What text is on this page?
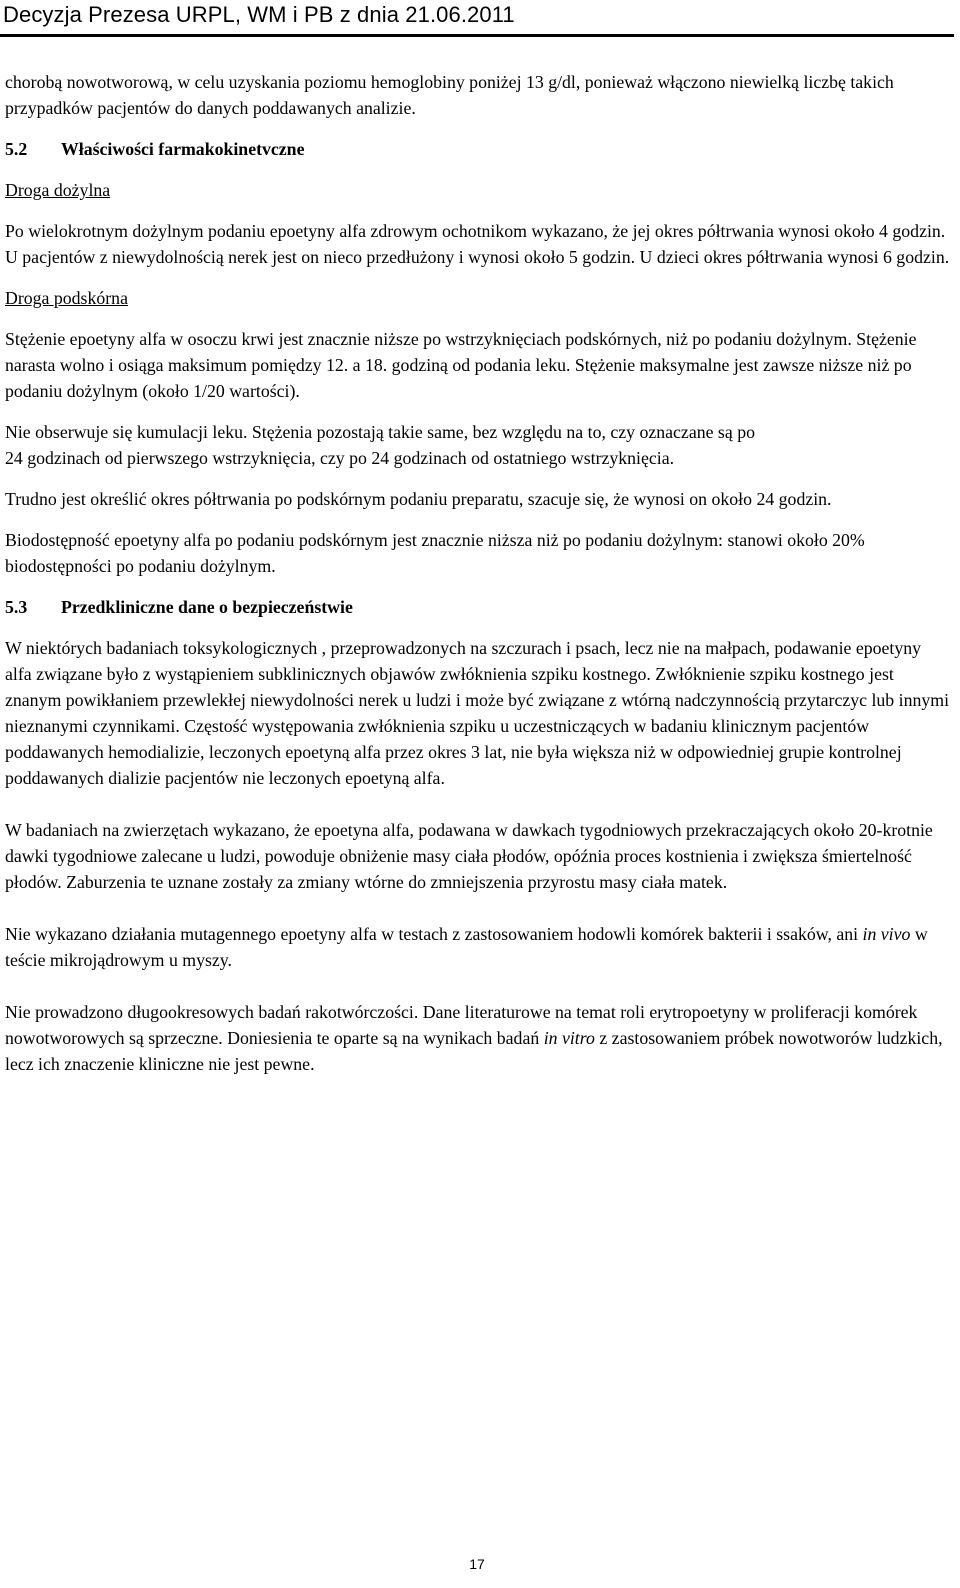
Decyzja Prezesa URPL, WM i PB z dnia 21.06.2011

chorobą nowotworową, w celu uzyskania poziomu hemoglobiny poniżej 13 g/dl, ponieważ włączono niewielką liczbę takich przypadków pacjentów do danych poddawanych analizie.

5.2 Właściwości farmakokinetvczne
Droga dożylna

Po wielokrotnym dożylnym podaniu epoetyny alfa zdrowym ochotnikom wykazano, że jej okres półtrwania wynosi około 4 godzin. U pacjentów z niewydolnością nerek jest on nieco przedłużony i wynosi około 5 godzin. U dzieci okres półtrwania wynosi 6 godzin.

Droga podskórna

Stężenie epoetyny alfa w osoczu krwi jest znacznie niższe po wstrzyknięciach podskórnych, niż po podaniu dożylnym. Stężenie narasta wolno i osiąga maksimum pomiędzy 12. a 18. godziną od podania leku. Stężenie maksymalne jest zawsze niższe niż po podaniu dożylnym (około 1/20 wartości).

Nie obserwuje się kumulacji leku. Stężenia pozostają takie same, bez względu na to, czy oznaczane są po
24 godzinach od pierwszego wstrzyknięcia, czy po 24 godzinach od ostatniego wstrzyknięcia.

Trudno jest określić okres półtrwania po podskórnym podaniu preparatu, szacuje się, że wynosi on około 24 godzin.

Biodostępność epoetyny alfa po podaniu podskórnym jest znacznie niższa niż po podaniu dożylnym: stanowi około 20% biodostępności po podaniu dożylnym.

5.3 Przedkliniczne dane o bezpieczeństwie

W niektórych badaniach toksykologicznych , przeprowadzonych na szczurach i psach, lecz nie na małpach, podawanie epoetyny alfa związane było z wystąpieniem subklinicznych objawów zwłóknienia szpiku kostnego. Zwłóknienie szpiku kostnego jest znanym powikłaniem przewlekłej niewydolności nerek u ludzi i może być związane z wtórną nadczynnością przytarczyc lub innymi nieznanymi czynnikami. Częstość występowania zwłóknienia szpiku u uczestniczących w badaniu klinicznym pacjentów poddawanych hemodializie, leczonych epoetyną alfa przez okres 3 lat, nie była większa niż w odpowiedniej grupie kontrolnej poddawanych dializie pacjentów nie leczonych epoetyną alfa.

W badaniach na zwierzętach wykazano, że epoetyna alfa, podawana w dawkach tygodniowych przekraczających około 20-krotnie dawki tygodniowe zalecane u ludzi, powoduje obniżenie masy ciała płodów, opóźnia proces kostnienia i zwiększa śmiertelność płodów. Zaburzenia te uznane zostały za zmiany wtórne do zmniejszenia przyrostu masy ciała matek.

Nie wykazano działania mutagennego epoetyny alfa w testach z zastosowaniem hodowli komórek bakterii i ssaków, ani in vivo w teście mikrojądrowym u myszy.

Nie prowadzono długookresowych badań rakotwórczości. Dane literaturowe na temat roli erytropoetyny w proliferacji komórek nowotworowych są sprzeczne. Doniesienia te oparte są na wynikach badań in vitro z zastosowaniem próbek nowotworów ludzkich, lecz ich znaczenie kliniczne nie jest pewne.

17
